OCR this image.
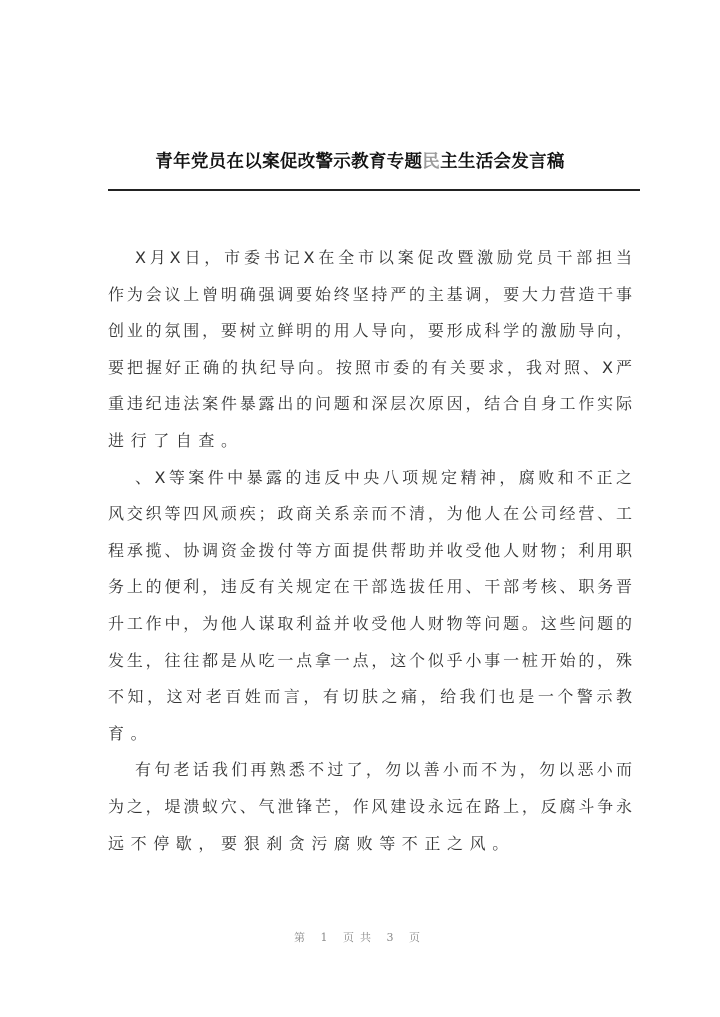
青年党员在以案促改警示教育专题民主生活会发言稿
X月X日，市委书记X在全市以案促改暨激励党员干部担当
作为会议上曾明确强调要始终坚持严的主基调，要大力营造干事
创业的氛围，要树立鲜明的用人导向，要形成科学的激励导向，
要把握好正确的执纪导向。按照市委的有关要求，我对照、X严
重违纪违法案件暴露出的问题和深层次原因，结合自身工作实际
进行了自查。
、X等案件中暴露的违反中央八项规定精神，腐败和不正之
风交织等四风顽疾；政商关系亲而不清，为他人在公司经营、工
程承揽、协调资金拨付等方面提供帮助并收受他人财物；利用职
务上的便利，违反有关规定在干部选拔任用、干部考核、职务晋
升工作中，为他人谋取利益并收受他人财物等问题。这些问题的
发生，往往都是从吃一点拿一点，这个似乎小事一桩开始的，殊
不知，这对老百姓而言，有切肤之痛，给我们也是一个警示教
育。
有句老话我们再熟悉不过了，勿以善小而不为，勿以恶小而
为之，堤溃蚁穴、气泄锋芒，作风建设永远在路上，反腐斗争永
远不停歇，要狠刹贪污腐败等不正之风。
第 1 页共 3 页
